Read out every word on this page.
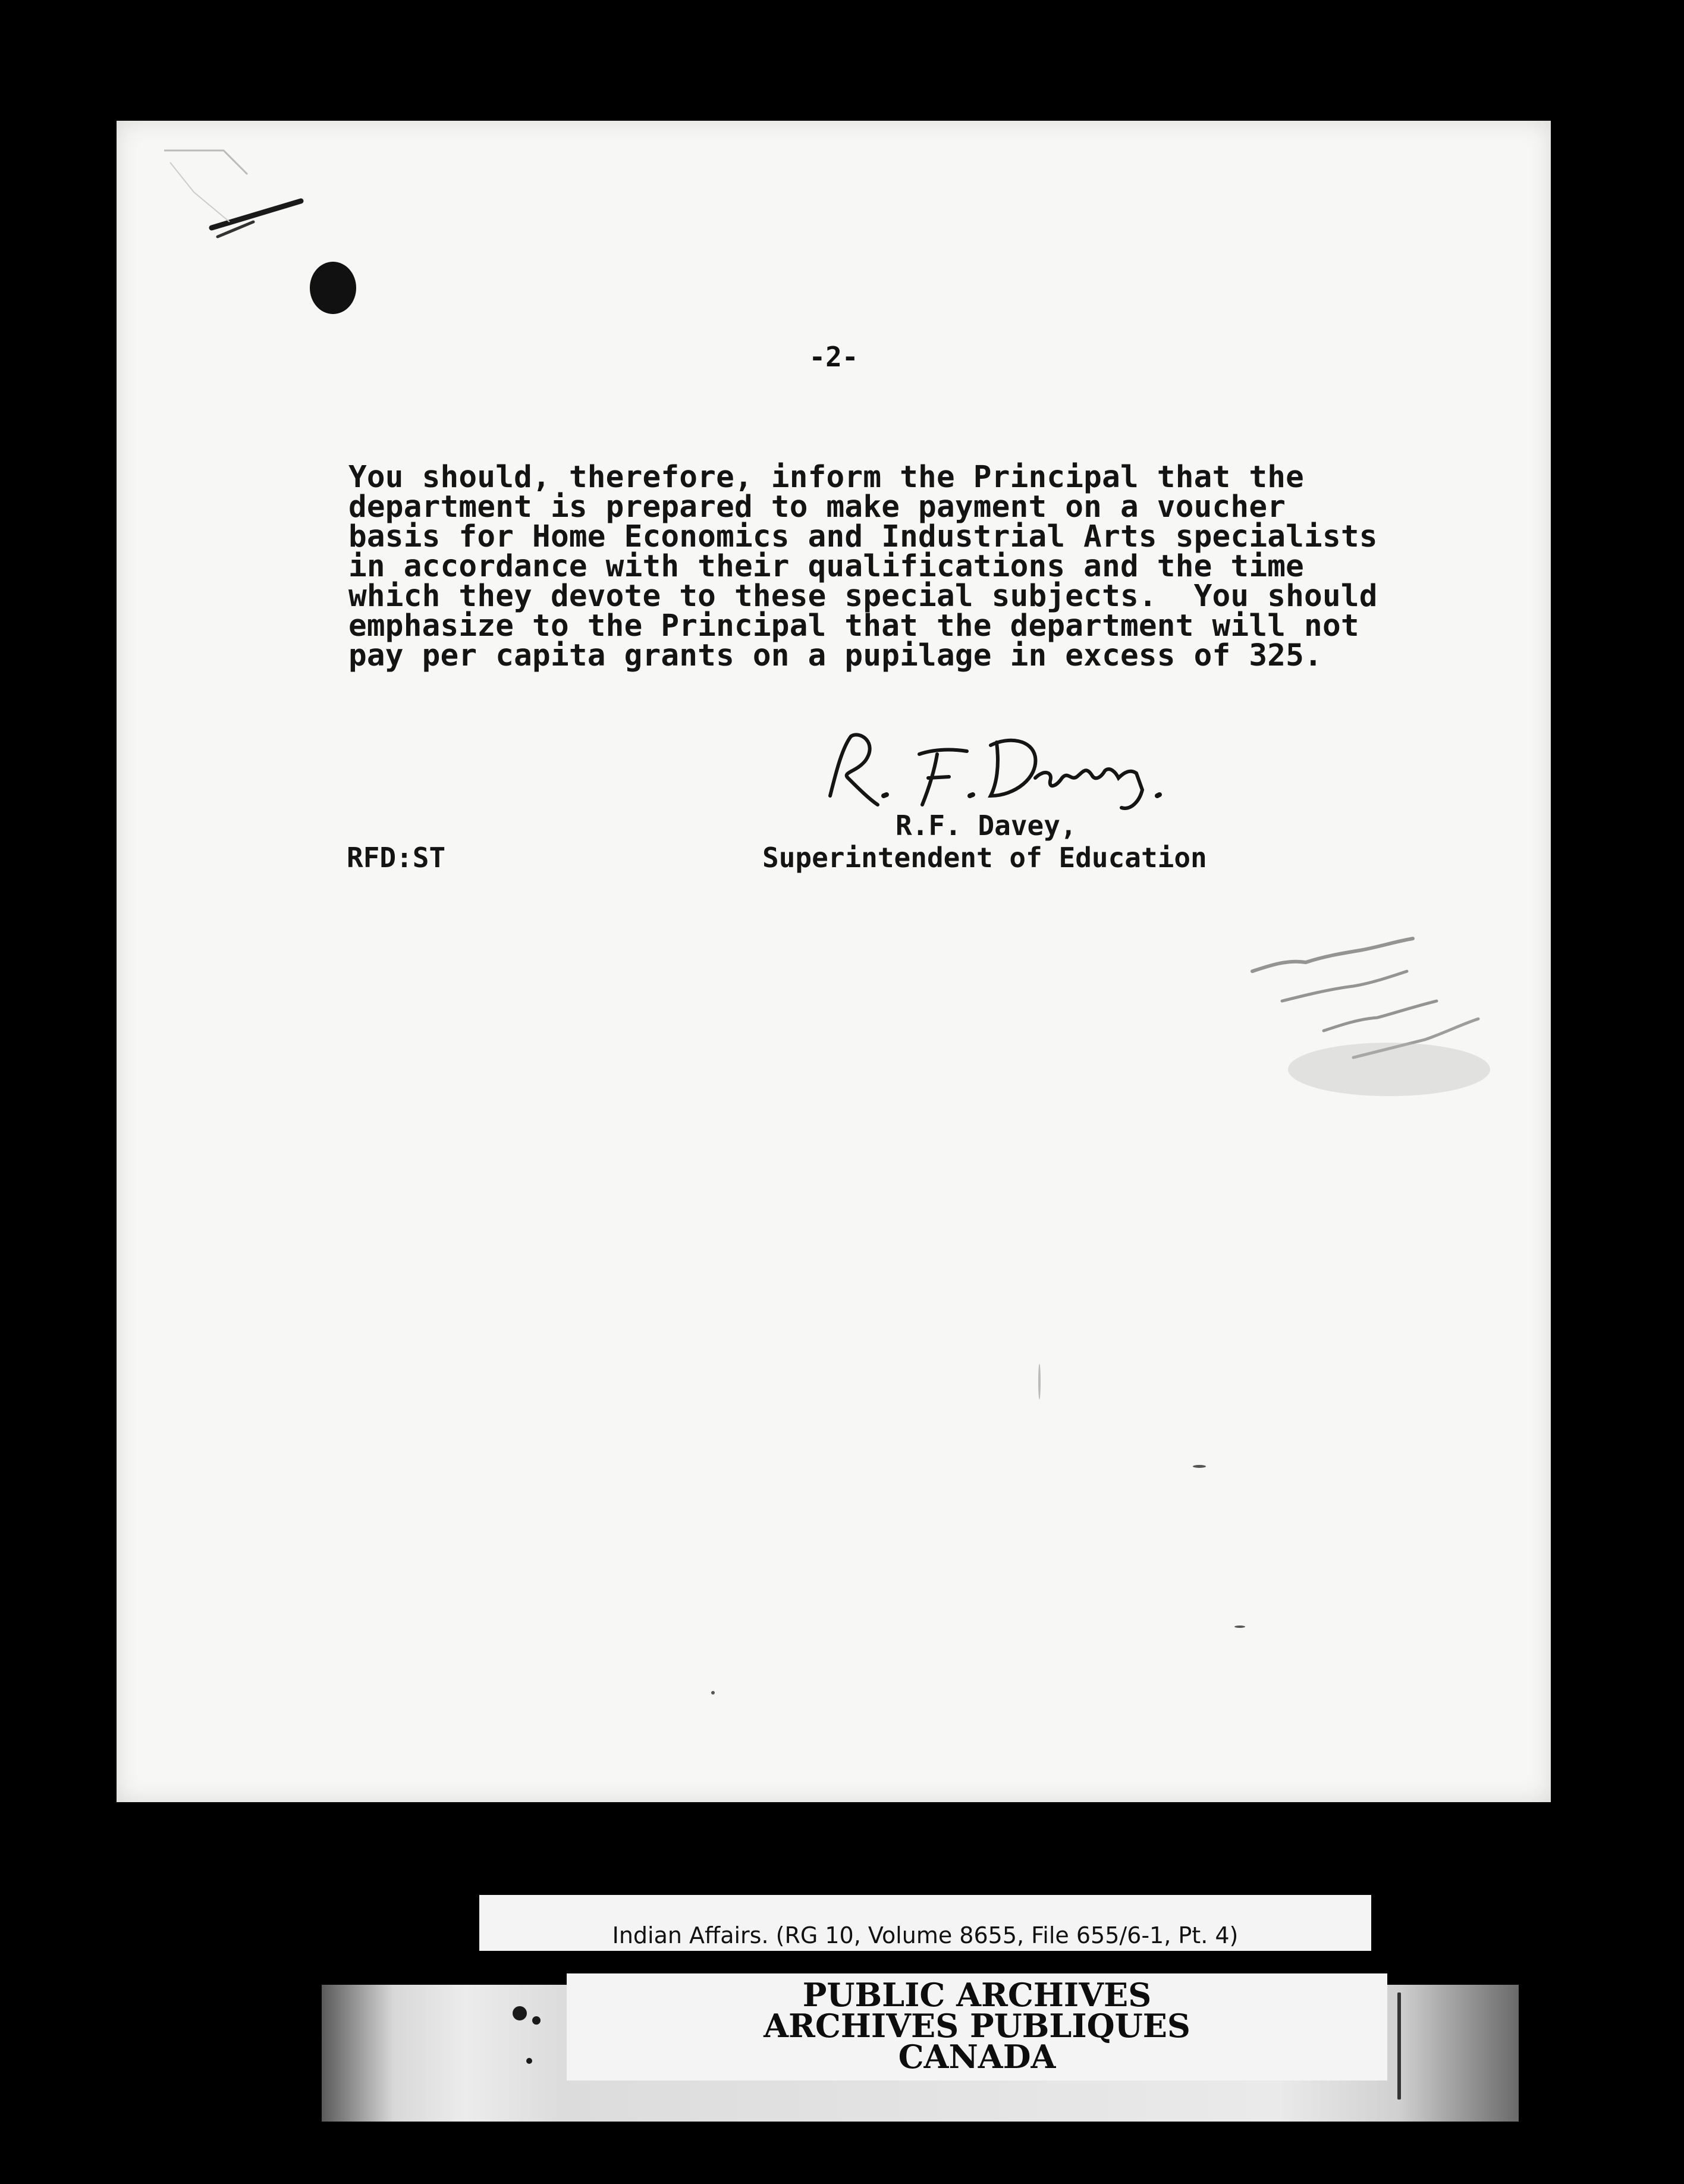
-2-
You should, therefore, inform the Principal that the
department is prepared to make payment on a voucher
basis for Home Economics and Industrial Arts specialists
in accordance with their qualifications and the time
which they devote to these special subjects.  You should
emphasize to the Principal that the department will not
pay per capita grants on a pupilage in excess of 325.
R.F. Davey,
Superintendent of Education
RFD:ST
Indian Affairs. (RG 10, Volume 8655, File 655/6-1, Pt. 4)
PUBLIC ARCHIVES
ARCHIVES PUBLIQUES
CANADA
